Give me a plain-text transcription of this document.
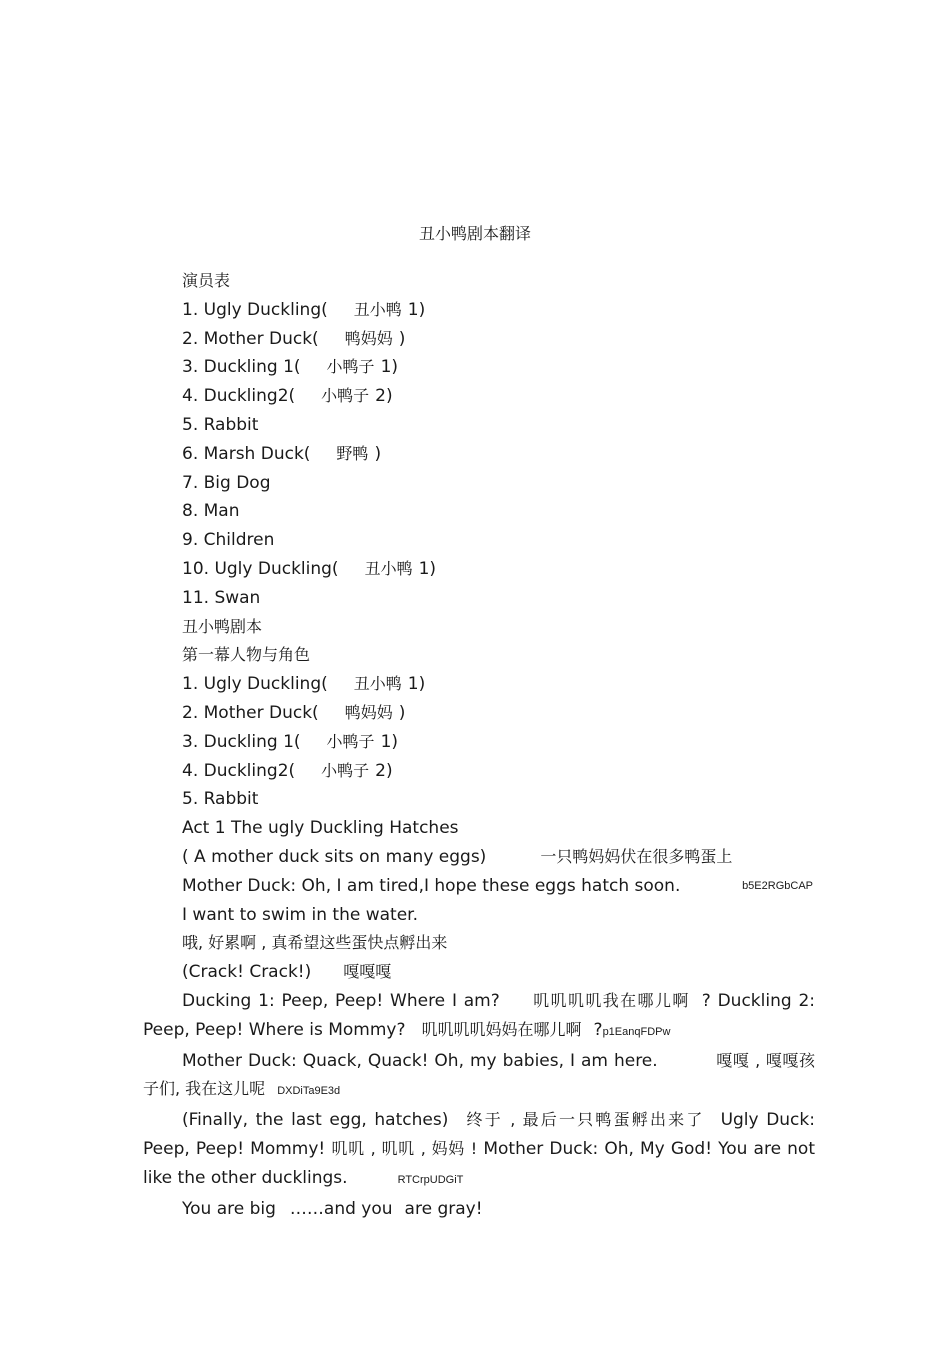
丑小鸭剧本翻译

演员表

1. Ugly Duckling( 丑小鸭 1)

2. Mother Duck( 鸭妈妈 )

3. Duckling 1( 小鸭子 1)

4. Duckling2( 小鸭子 2)

5. Rabbit

6. Marsh Duck( 野鸭 )

7. Big Dog

8. Man

9. Children

10. Ugly Duckling( 丑小鸭 1)

11. Swan

丑小鸭剧本

第一幕人物与角色

1. Ugly Duckling( 丑小鸭 1)

2. Mother Duck( 鸭妈妈 )

3. Duckling 1( 小鸭子 1)

4. Duckling2( 小鸭子 2)

5. Rabbit

Act 1 The ugly Duckling Hatches

( A mother duck sits on many eggs)	一只鸭妈妈伏在很多鸭蛋上

Mother Duck: Oh, I am tired,I hope these eggs hatch soon.	b5E2RGbCAP

I want to swim in the water.

哦, 好累啊 , 真希望这些蛋快点孵出来

(Crack! Crack!) 嘎嘎嘎

Ducking 1: Peep, Peep! Where I am? 叽叽叽叽我在哪儿啊 ? Duckling 2: Peep, Peep! Where is Mommy? 叽叽叽叽妈妈在哪儿啊 ?p1EanqFDPw

Mother Duck: Quack, Quack! Oh, my babies, I am here.	嘎嘎 , 嘎嘎孩子们, 我在这儿呢 DXDiTa9E3d

(Finally, the last egg, hatches) 终于 , 最后一只鸭蛋孵出来了 Ugly Duck: Peep, Peep! Mommy! 叽叽 , 叽叽 , 妈妈 ! Mother Duck: Oh, My God! You are not like the other ducklings.	RTCrpUDGiT

You are big ……and you are gray!
